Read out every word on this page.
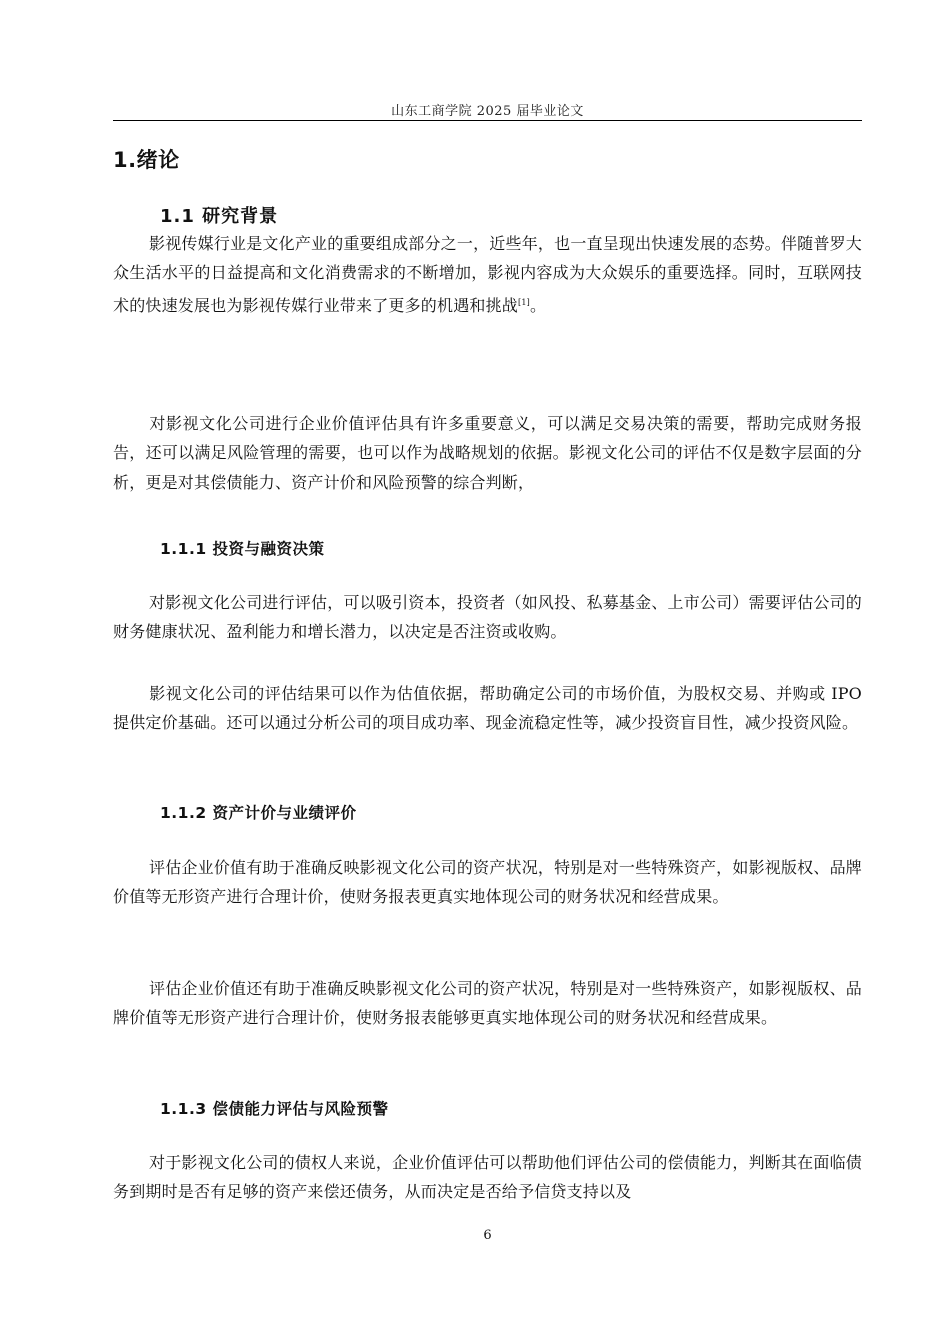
山东工商学院 2025 届毕业论文
1.绪论
1.1 研究背景
影视传媒行业是文化产业的重要组成部分之一，近些年，也一直呈现出快速发展的态势。伴随普罗大众生活水平的日益提高和文化消费需求的不断增加，影视内容成为大众娱乐的重要选择。同时，互联网技术的快速发展也为影视传媒行业带来了更多的机遇和挑战[1]。
对影视文化公司进行企业价值评估具有许多重要意义，可以满足交易决策的需要，帮助完成财务报告，还可以满足风险管理的需要，也可以作为战略规划的依据。影视文化公司的评估不仅是数字层面的分析，更是对其偿债能力、资产计价和风险预警的综合判断，
1.1.1 投资与融资决策
对影视文化公司进行评估，可以吸引资本，投资者（如风投、私募基金、上市公司）需要评估公司的财务健康状况、盈利能力和增长潜力，以决定是否注资或收购。
影视文化公司的评估结果可以作为估值依据，帮助确定公司的市场价值，为股权交易、并购或 IPO 提供定价基础。还可以通过分析公司的项目成功率、现金流稳定性等，减少投资盲目性，减少投资风险。
1.1.2 资产计价与业绩评价
评估企业价值有助于准确反映影视文化公司的资产状况，特别是对一些特殊资产，如影视版权、品牌价值等无形资产进行合理计价，使财务报表更真实地体现公司的财务状况和经营成果。
评估企业价值还有助于准确反映影视文化公司的资产状况，特别是对一些特殊资产，如影视版权、品牌价值等无形资产进行合理计价，使财务报表能够更真实地体现公司的财务状况和经营成果。
1.1.3 偿债能力评估与风险预警
对于影视文化公司的债权人来说，企业价值评估可以帮助他们评估公司的偿债能力，判断其在面临债务到期时是否有足够的资产来偿还债务，从而决定是否给予信贷支持以及
6
